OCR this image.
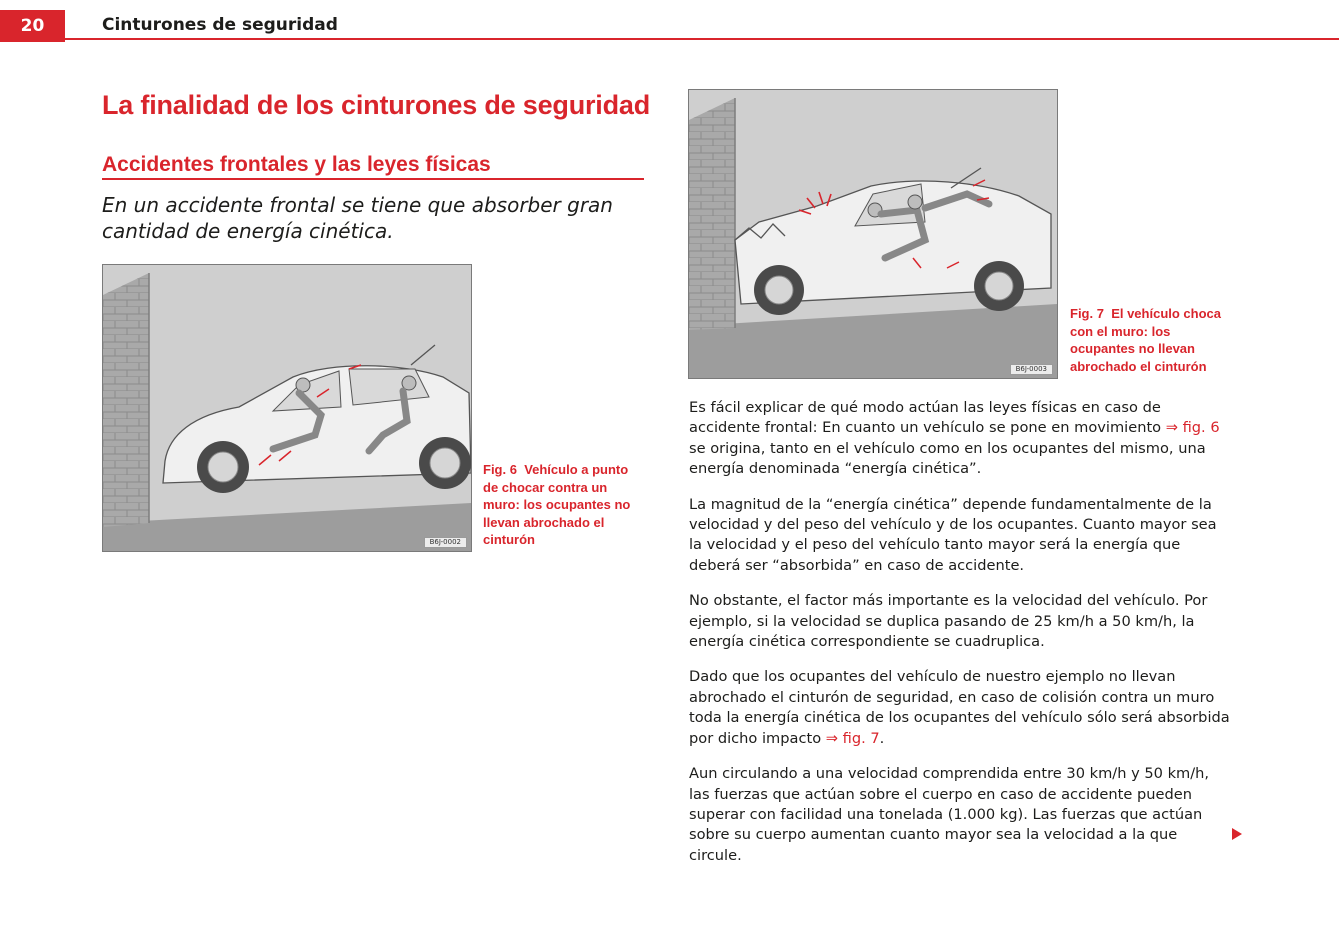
20	Cinturones de seguridad
La finalidad de los cinturones de seguridad
Accidentes frontales y las leyes físicas

En un accidente frontal se tiene que absorber gran cantidad de energía cinética.

B6J-0002

Fig. 6 Vehículo a punto de chocar contra un muro: los ocupantes no llevan abrochado el cinturón

B6J-0003

Fig. 7 El vehículo choca con el muro: los ocupantes no llevan abrochado el cinturón

Es fácil explicar de qué modo actúan las leyes físicas en caso de accidente frontal: En cuanto un vehículo se pone en movimiento ⇒ fig. 6 se origina, tanto en el vehículo como en los ocupantes del mismo, una energía denominada “energía cinética”.

La magnitud de la “energía cinética” depende fundamentalmente de la velocidad y del peso del vehículo y de los ocupantes. Cuanto mayor sea la velocidad y el peso del vehículo tanto mayor será la energía que deberá ser “absorbida” en caso de accidente.

No obstante, el factor más importante es la velocidad del vehículo. Por ejemplo, si la velocidad se duplica pasando de 25 km/h a 50 km/h, la energía cinética correspondiente se cuadruplica.

Dado que los ocupantes del vehículo de nuestro ejemplo no llevan abrochado el cinturón de seguridad, en caso de colisión contra un muro toda la energía cinética de los ocupantes del vehículo sólo será absorbida por dicho impacto ⇒ fig. 7.

Aun circulando a una velocidad comprendida entre 30 km/h y 50 km/h, las fuerzas que actúan sobre el cuerpo en caso de accidente pueden superar con facilidad una tonelada (1.000 kg). Las fuerzas que actúan sobre su cuerpo aumentan cuanto mayor sea la velocidad a la que circule.
